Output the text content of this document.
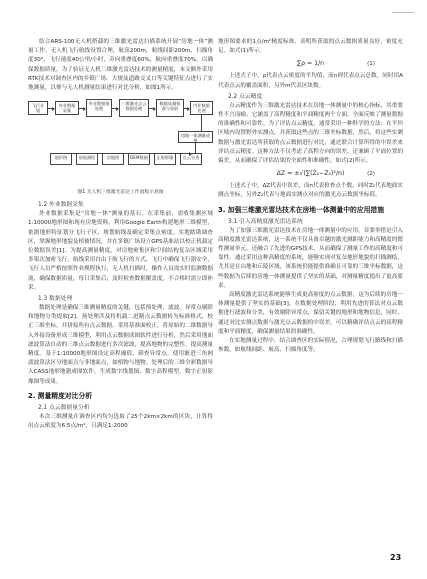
结合ARS-100无人机搭载的三维激光雷达扫描系统开展“房地一体”测量工作。无人机飞行航线设置合理，航高200m，航线间距200m，扫描角度30°，飞行速度40公里/小时，旁向重叠度60%，航向重叠度70%，以确保数据质量。为了验证无人机三维激光雷达技术的测量精度，本文额外采用RTK技术对调查区内的乡镇广场、大规及道路交叉口等关键特征点进行了实地测量，以便与无人机测量结果进行对比分析，如图1所示。

飞行计划
外业数据采集
外业数据预处理
三维激光点云数据处理
数据质量检查与验收
内业数据处理
房地一体测量成果
地形图	房屋测绘	宗地图	DEM数据	正射影像	点云分类
图1 无人机三维激光雷达工作流程示意图
1.2 外业数据采集

外业数据采集是“房地一体”测量的基石。在采集前，需收集测区域1:10000地形图和现有房地资料，利用Google Earth构建地形三维模型，依据地形特征划分飞行子区，规划航线及确定采集点密度。实地踏勘调查区，掌握地形地貌及植被情况，并在多镇广场设立GPS基准站以校正机载定位数据误差[1]。为提高测量精度，对房地密集区和空间结构复杂区域采用多架次加密飞行，航线采用自由于航飞行的方式，飞行中确保飞行器安全，飞行人员严格按照作业规程执行，无人机扫描时，操作人员需实时监测数据流，确保数据质量，每日采集后，及时检查数据覆盖度，不合格时需立即补采。

1.3 数据处理

数据处理是确保三维测量精度的关键，包括预处理、滤波、异常点剔除和地物分类提取[2]。预处理涉及将机载二进制点云数据转为标准格式，校正三维坐标，并拼接所有点云数据。采用基准面校正，将原始的二维数据导入外接设备形成三维模型，利用点云数据成图软件进行分析，然后采用地面滤波算法自动的三维点云数据进行多次滤波，提高地物的完整性，提高测量精度。基于1:10000地形图设定高程阈值，筛查异常点。使用渐进三角网滤波算法区分地面点与非地面点，如植物与地物。处理后的三维全彩数据导入CASS地形地籍成图软件，生成数字线划图、数字高程模型、数字正射影像图等成果。

2. 测量精度对比分析
2.1 点云数据量分析

本次三维测量在调查区内均匀选取了25个2km×2km的区块，计算得出点云密度为6.5点/m²，且满足1:2000

地形图要求的1点/m²精度标准，表明所获取的点云数据质量良好，密度充足。如式(1)所示。

∑ρ = 1/n	(1)

上述式子中，ρ代表点云密度的平均值，而n则代表点云总数，同时用A代表点云的覆盖面积，另外m代表区块数。

2.2 点云精度

点云精度作为三维激光雷达技术在房地一体测量中的核心指标，其重要性不言而喻。它涵盖了高程精度和平面精度两个方面，全面反映了测量数据的准确性和可靠性。为了评估点云精度，通常采用一种科学的方法：在平坦区域内设置野外实测点，并获取这些点的三维坐标数据，然后，将这些实测数据与激光雷达所获取的点云数据进行对比，通过联合计算所得的中误差来评估点云精度。这种方法不仅考虑了高程方向的误差，还兼顾了平面位置的偏差，从而确保了评估结果的全面性和准确性。如式(2)所示。

ΔZ = ±√(∑(Z₁−Z₂)²/n)	(2)

上述式子中，ΔZ代表中误差，而n代表检查点个数，同时Z₁代表地面实测点坐标，另外Z₂代表与地面实测点对应的激光点云数据坐标值。

3. 加强三维激光雷达技术在房地一体测量中的应用措施
3.1 引入高精度激光雷达系统

为了加强三维激光雷达技术在房地一体测量中的应用，首要举措是引入高精度激光雷达系统，这一系统不仅具备卓越的激光测距能力和高精度的惯性测量单元，还融合了先进的GPS技术，从而确保了测量工作的高精度和可靠性。通过采用这种高精度的系统，能够实现对复杂地形地貌的扫描测绘，尤其是在山地和丘陵区域，该系统仍能提供准确且可靠的三维坐标数据，这些数据为后续的房地一体测量提供了坚实的基础，对测量精度提出了更高要求。

高精度激光雷达系统能够生成更高密度的点云数据，这为后续的房地一体测量提供了坚实的基础[3]。在数据处理阶段，利用先进的算法对点云数据进行滤波和分类，有效剔除异常点，保留关键的地形和地物信息，同时，通过对比实测点数据与激光点云数据的中误差，可以精确评估点云的高程精度和平面精度，确保测量结果的准确性。

在实地测量过程中，结合调查区的实际情况，合理规划飞行路线和扫描参数，如航线间距、航高、扫描角度等，

23
